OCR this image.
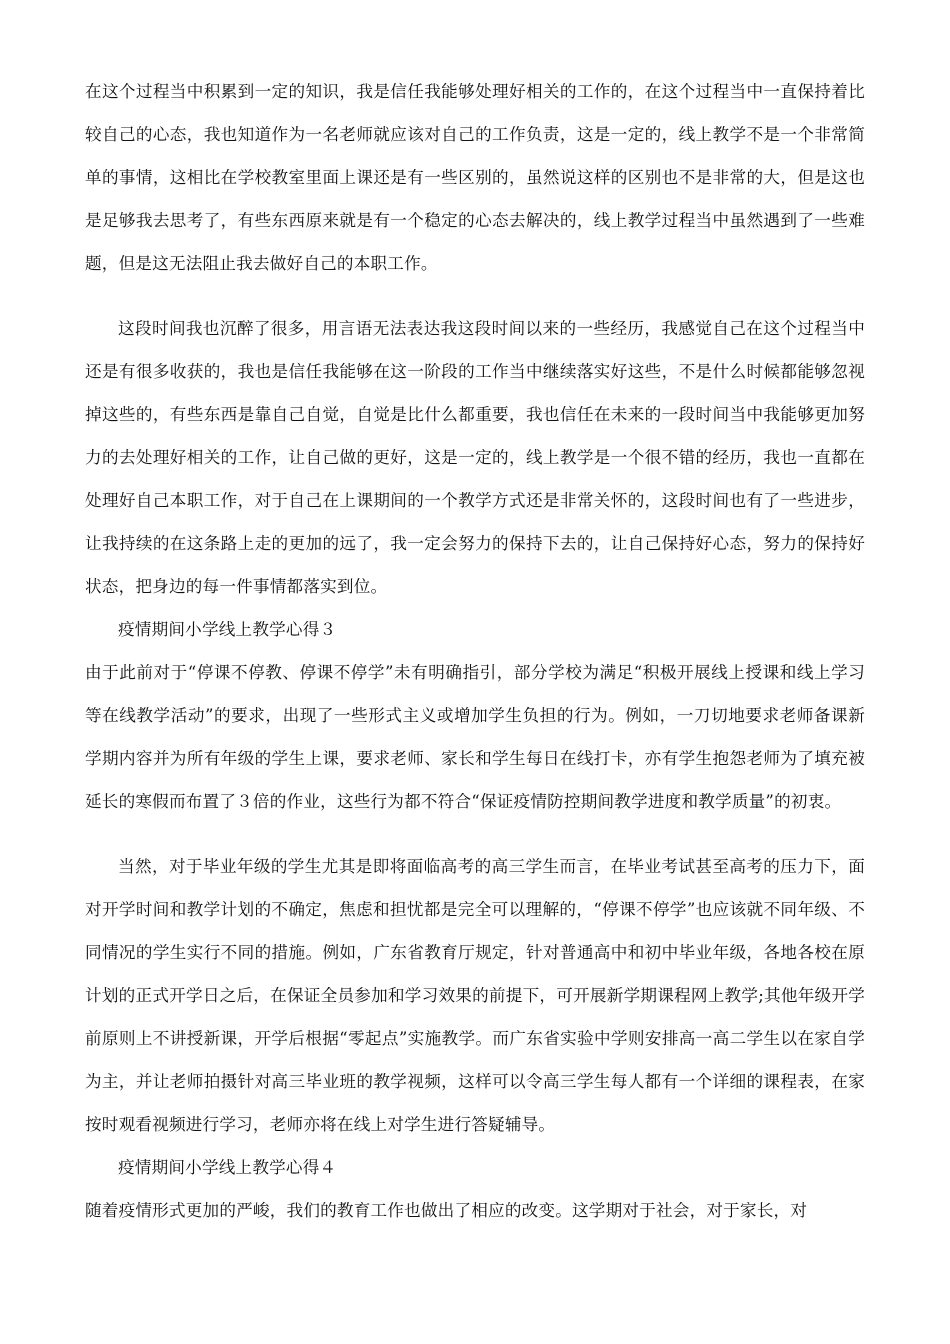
在这个过程当中积累到一定的知识，我是信任我能够处理好相关的工作的，在这个过程当中一直保持着比较自己的心态，我也知道作为一名老师就应该对自己的工作负责，这是一定的，线上教学不是一个非常简单的事情，这相比在学校教室里面上课还是有一些区别的，虽然说这样的区别也不是非常的大，但是这也是足够我去思考了，有些东西原来就是有一个稳定的心态去解决的，线上教学过程当中虽然遇到了一些难题，但是这无法阻止我去做好自己的本职工作。

这段时间我也沉醉了很多，用言语无法表达我这段时间以来的一些经历，我感觉自己在这个过程当中还是有很多收获的，我也是信任我能够在这一阶段的工作当中继续落实好这些，不是什么时候都能够忽视掉这些的，有些东西是靠自己自觉，自觉是比什么都重要，我也信任在未来的一段时间当中我能够更加努力的去处理好相关的工作，让自己做的更好，这是一定的，线上教学是一个很不错的经历，我也一直都在处理好自己本职工作，对于自己在上课期间的一个教学方式还是非常关怀的，这段时间也有了一些进步，让我持续的在这条路上走的更加的远了，我一定会努力的保持下去的，让自己保持好心态，努力的保持好状态，把身边的每一件事情都落实到位。

疫情期间小学线上教学心得３

由于此前对于“停课不停教、停课不停学”未有明确指引，部分学校为满足“积极开展线上授课和线上学习等在线教学活动”的要求，出现了一些形式主义或增加学生负担的行为。例如，一刀切地要求老师备课新学期内容并为所有年级的学生上课，要求老师、家长和学生每日在线打卡，亦有学生抱怨老师为了填充被延长的寒假而布置了３倍的作业，这些行为都不符合“保证疫情防控期间教学进度和教学质量”的初衷。

当然，对于毕业年级的学生尤其是即将面临高考的高三学生而言，在毕业考试甚至高考的压力下，面对开学时间和教学计划的不确定，焦虑和担忧都是完全可以理解的，“停课不停学”也应该就不同年级、不同情况的学生实行不同的措施。例如，广东省教育厅规定，针对普通高中和初中毕业年级，各地各校在原计划的正式开学日之后，在保证全员参加和学习效果的前提下，可开展新学期课程网上教学;其他年级开学前原则上不讲授新课，开学后根据“零起点”实施教学。而广东省实验中学则安排高一高二学生以在家自学为主，并让老师拍摄针对高三毕业班的教学视频，这样可以令高三学生每人都有一个详细的课程表，在家按时观看视频进行学习，老师亦将在线上对学生进行答疑辅导。

疫情期间小学线上教学心得４

随着疫情形式更加的严峻，我们的教育工作也做出了相应的改变。这学期对于社会，对于家长，对
